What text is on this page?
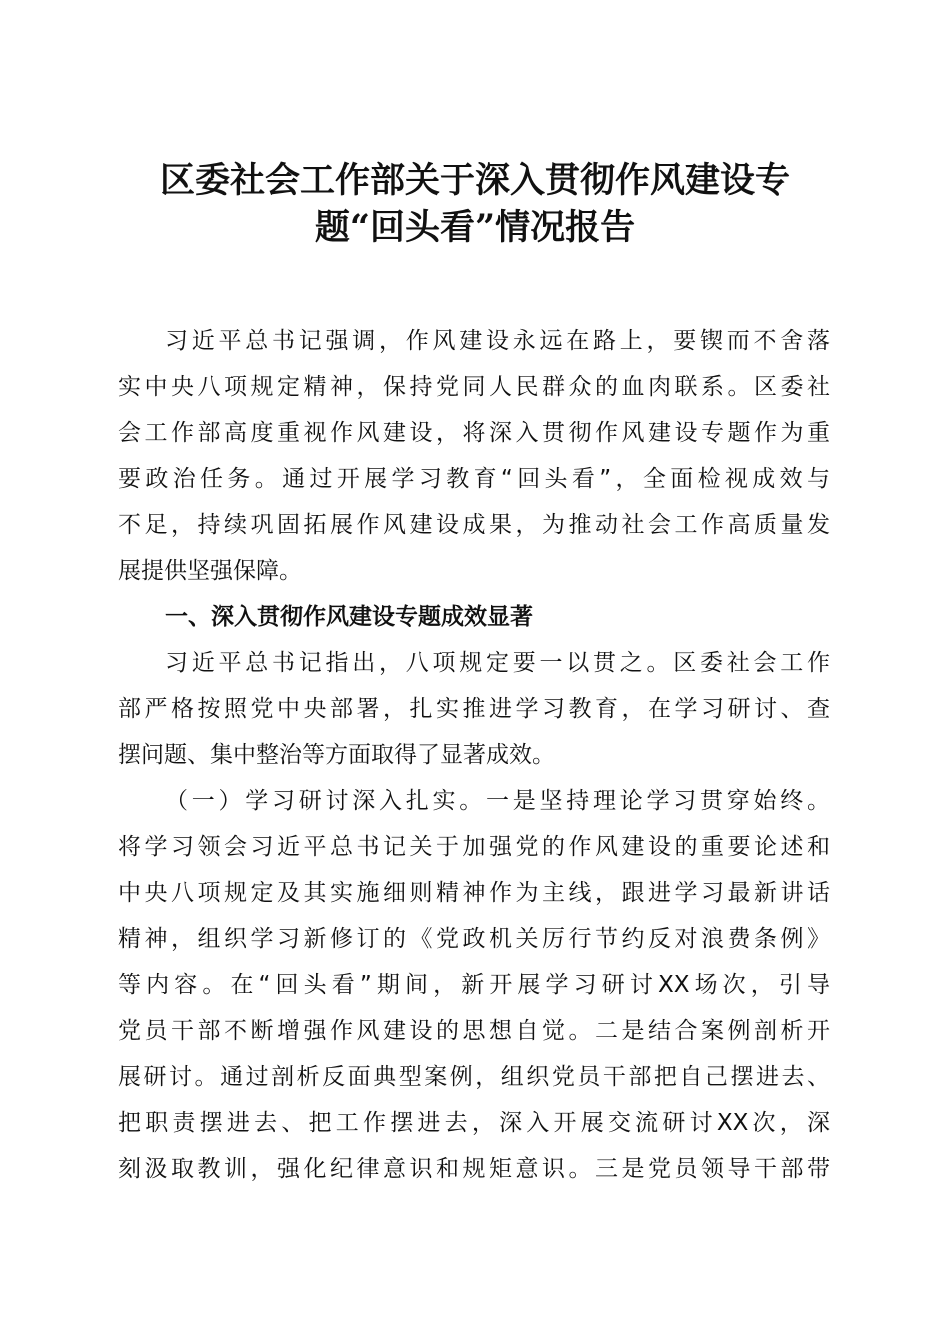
区委社会工作部关于深入贯彻作风建设专
题“回头看”情况报告
习近平总书记强调，作风建设永远在路上，要锲而不舍落
实中央八项规定精神，保持党同人民群众的血肉联系。区委社
会工作部高度重视作风建设，将深入贯彻作风建设专题作为重
要政治任务。通过开展学习教育“回头看”，全面检视成效与
不足，持续巩固拓展作风建设成果，为推动社会工作高质量发
展提供坚强保障。
一、深入贯彻作风建设专题成效显著
习近平总书记指出，八项规定要一以贯之。区委社会工作
部严格按照党中央部署，扎实推进学习教育，在学习研讨、查
摆问题、集中整治等方面取得了显著成效。
（一）学习研讨深入扎实。一是坚持理论学习贯穿始终。
将学习领会习近平总书记关于加强党的作风建设的重要论述和
中央八项规定及其实施细则精神作为主线，跟进学习最新讲话
精神，组织学习新修订的《党政机关厉行节约反对浪费条例》
等内容。在“回头看”期间，新开展学习研讨XX场次，引导
党员干部不断增强作风建设的思想自觉。二是结合案例剖析开
展研讨。通过剖析反面典型案例，组织党员干部把自己摆进去、
把职责摆进去、把工作摆进去，深入开展交流研讨XX次，深
刻汲取教训，强化纪律意识和规矩意识。三是党员领导干部带
